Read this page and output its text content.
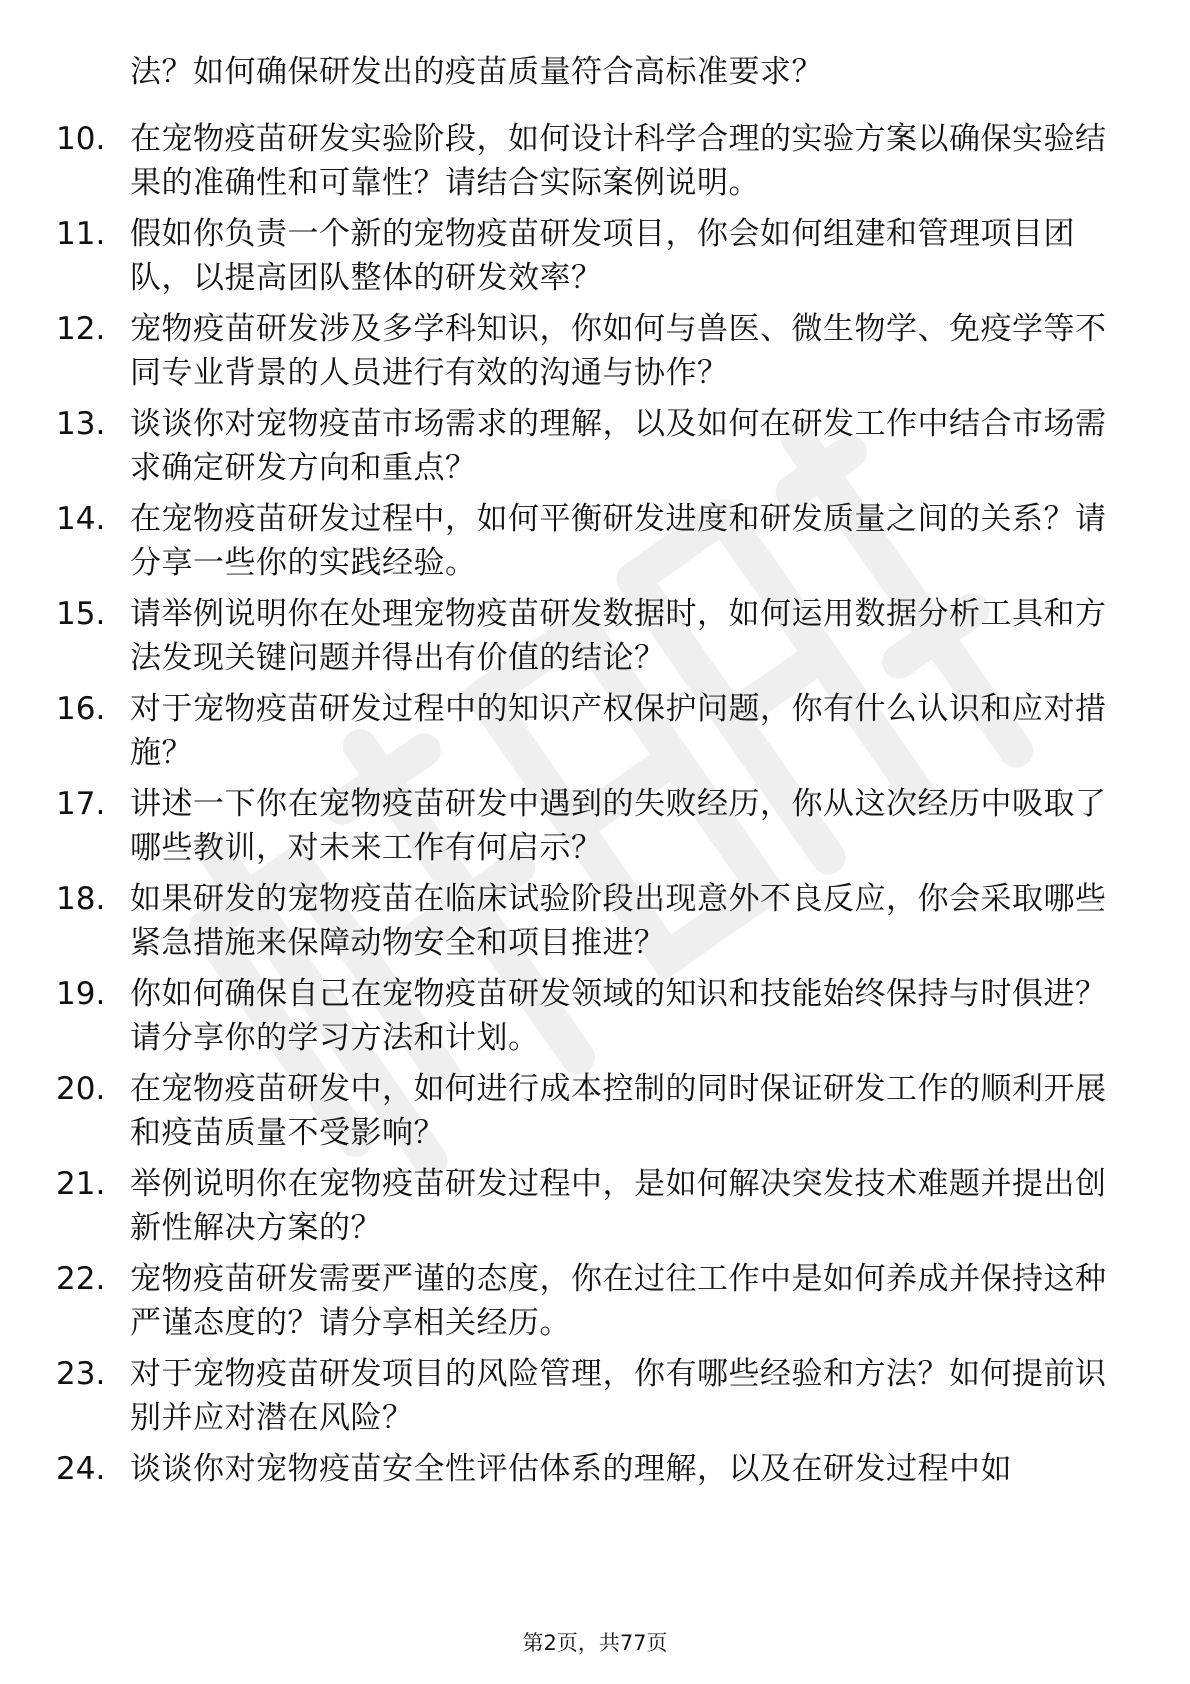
法？如何确保研发出的疫苗质量符合高标准要求？
10. 在宠物疫苗研发实验阶段，如何设计科学合理的实验方案以确保实验结果的准确性和可靠性？请结合实际案例说明。
11. 假如你负责一个新的宠物疫苗研发项目，你会如何组建和管理项目团队，以提高团队整体的研发效率？
12. 宠物疫苗研发涉及多学科知识，你如何与兽医、微生物学、免疫学等不同专业背景的人员进行有效的沟通与协作？
13. 谈谈你对宠物疫苗市场需求的理解，以及如何在研发工作中结合市场需求确定研发方向和重点？
14. 在宠物疫苗研发过程中，如何平衡研发进度和研发质量之间的关系？请分享一些你的实践经验。
15. 请举例说明你在处理宠物疫苗研发数据时，如何运用数据分析工具和方法发现关键问题并得出有价值的结论？
16. 对于宠物疫苗研发过程中的知识产权保护问题，你有什么认识和应对措施？
17. 讲述一下你在宠物疫苗研发中遇到的失败经历，你从这次经历中吸取了哪些教训，对未来工作有何启示？
18. 如果研发的宠物疫苗在临床试验阶段出现意外不良反应，你会采取哪些紧急措施来保障动物安全和项目推进？
19. 你如何确保自己在宠物疫苗研发领域的知识和技能始终保持与时俱进？请分享你的学习方法和计划。
20. 在宠物疫苗研发中，如何进行成本控制的同时保证研发工作的顺利开展和疫苗质量不受影响？
21. 举例说明你在宠物疫苗研发过程中，是如何解决突发技术难题并提出创新性解决方案的？
22. 宠物疫苗研发需要严谨的态度，你在过往工作中是如何养成并保持这种严谨态度的？请分享相关经历。
23. 对于宠物疫苗研发项目的风险管理，你有哪些经验和方法？如何提前识别并应对潜在风险？
24. 谈谈你对宠物疫苗安全性评估体系的理解，以及在研发过程中如
第2页，共77页
